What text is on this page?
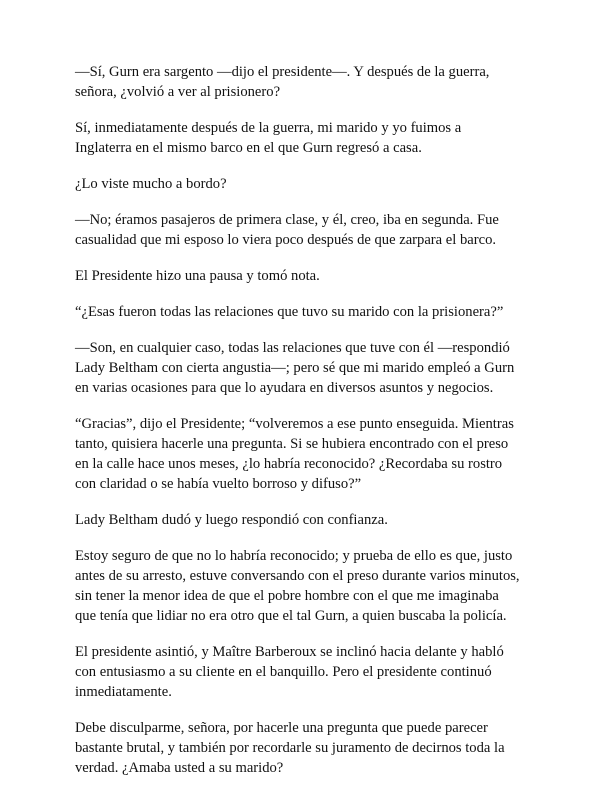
—Sí, Gurn era sargento —dijo el presidente—. Y después de la guerra,
señora, ¿volvió a ver al prisionero?

Sí, inmediatamente después de la guerra, mi marido y yo fuimos a
Inglaterra en el mismo barco en el que Gurn regresó a casa.

¿Lo viste mucho a bordo?

—No; éramos pasajeros de primera clase, y él, creo, iba en segunda. Fue
casualidad que mi esposo lo viera poco después de que zarpara el barco.

El Presidente hizo una pausa y tomó nota.

“¿Esas fueron todas las relaciones que tuvo su marido con la prisionera?”

—Son, en cualquier caso, todas las relaciones que tuve con él —respondió
Lady Beltham con cierta angustia—; pero sé que mi marido empleó a Gurn
en varias ocasiones para que lo ayudara en diversos asuntos y negocios.

“Gracias”, dijo el Presidente; “volveremos a ese punto enseguida. Mientras
tanto, quisiera hacerle una pregunta. Si se hubiera encontrado con el preso
en la calle hace unos meses, ¿lo habría reconocido? ¿Recordaba su rostro
con claridad o se había vuelto borroso y difuso?”

Lady Beltham dudó y luego respondió con confianza.

Estoy seguro de que no lo habría reconocido; y prueba de ello es que, justo
antes de su arresto, estuve conversando con el preso durante varios minutos,
sin tener la menor idea de que el pobre hombre con el que me imaginaba
que tenía que lidiar no era otro que el tal Gurn, a quien buscaba la policía.

El presidente asintió, y Maître Barberoux se inclinó hacia delante y habló
con entusiasmo a su cliente en el banquillo. Pero el presidente continuó
inmediatamente.

Debe disculparme, señora, por hacerle una pregunta que puede parecer
bastante brutal, y también por recordarle su juramento de decirnos toda la
verdad. ¿Amaba usted a su marido?
